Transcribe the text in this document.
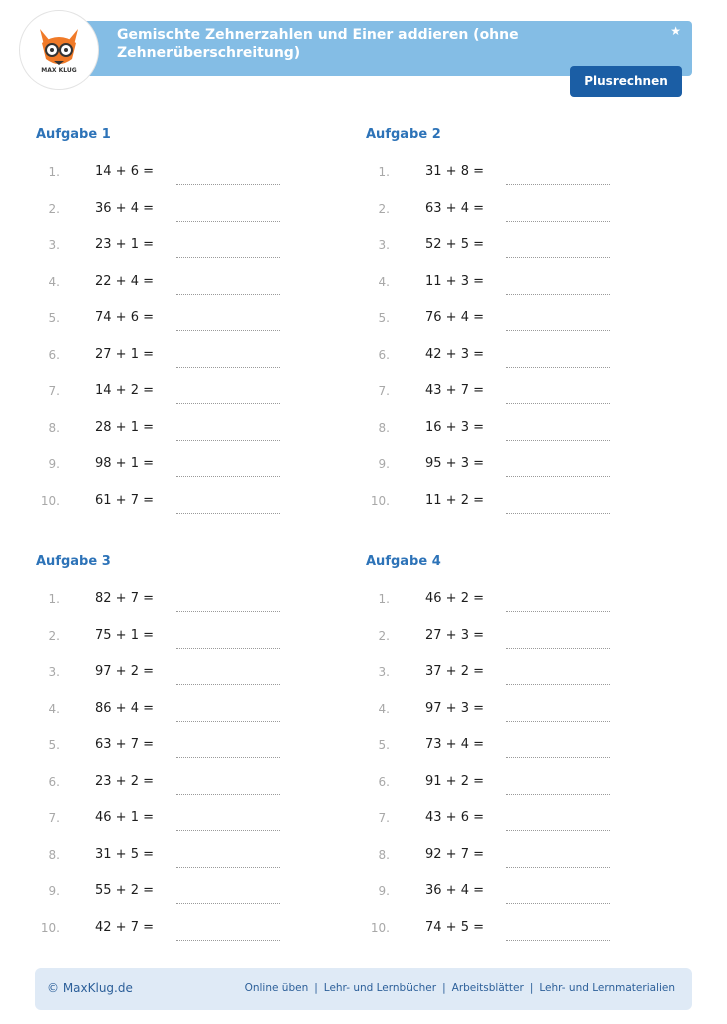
MAX KLUG
Gemischte Zehnerzahlen und Einer addieren (ohne
Zehnerüberschreitung)
★
Plusrechnen
Aufgabe 1
1.	14 + 6 =
2.	36 + 4 =
3.	23 + 1 =
4.	22 + 4 =
5.	74 + 6 =
6.	27 + 1 =
7.	14 + 2 =
8.	28 + 1 =
9.	98 + 1 =
10.	61 + 7 =
Aufgabe 2
1.	31 + 8 =
2.	63 + 4 =
3.	52 + 5 =
4.	11 + 3 =
5.	76 + 4 =
6.	42 + 3 =
7.	43 + 7 =
8.	16 + 3 =
9.	95 + 3 =
10.	11 + 2 =
Aufgabe 3
1.	82 + 7 =
2.	75 + 1 =
3.	97 + 2 =
4.	86 + 4 =
5.	63 + 7 =
6.	23 + 2 =
7.	46 + 1 =
8.	31 + 5 =
9.	55 + 2 =
10.	42 + 7 =
Aufgabe 4
1.	46 + 2 =
2.	27 + 3 =
3.	37 + 2 =
4.	97 + 3 =
5.	73 + 4 =
6.	91 + 2 =
7.	43 + 6 =
8.	92 + 7 =
9.	36 + 4 =
10.	74 + 5 =
© MaxKlug.de	Online üben | Lehr- und Lernbücher | Arbeitsblätter | Lehr- und Lernmaterialien
